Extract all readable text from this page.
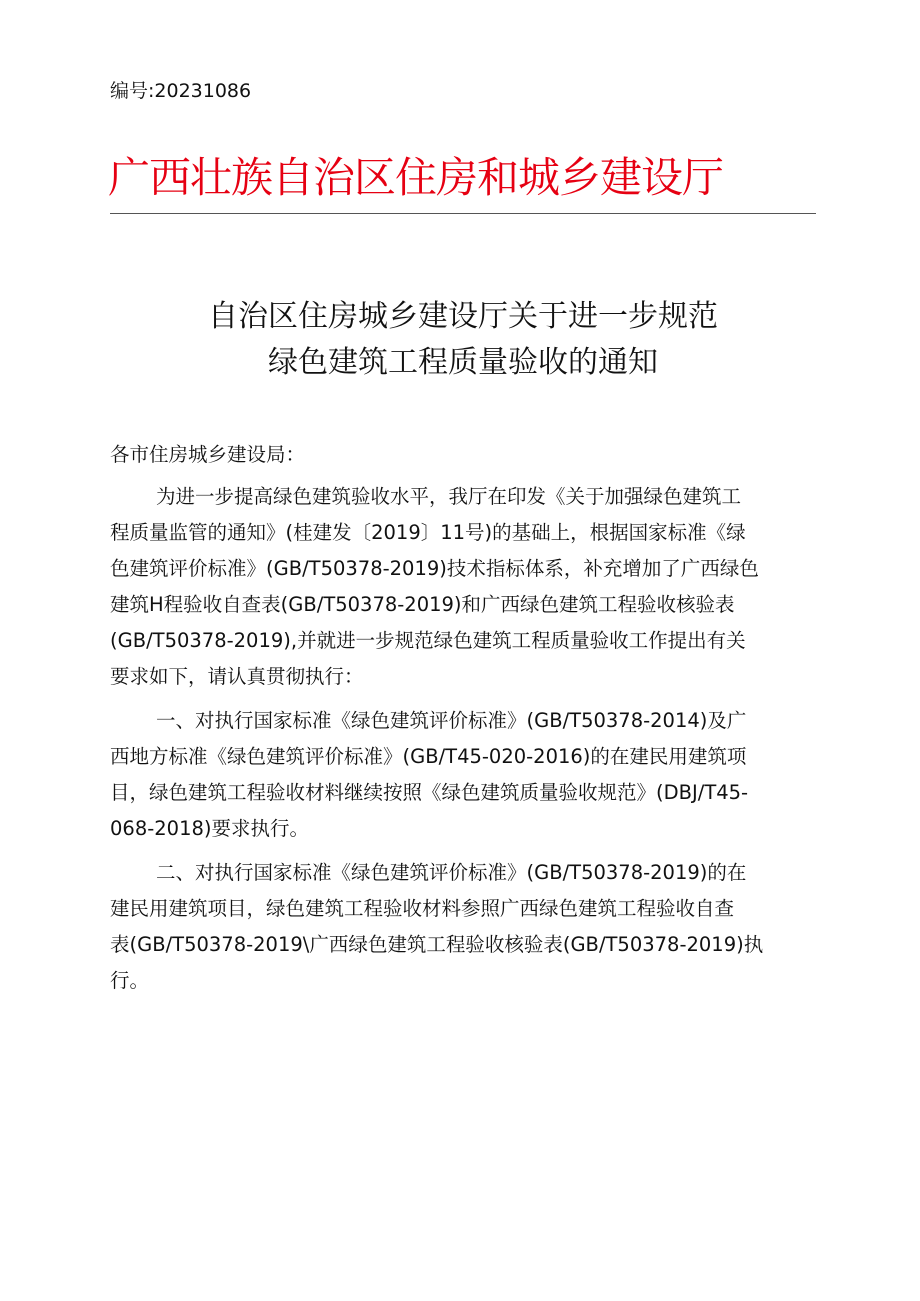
编号:20231086
广西壮族自治区住房和城乡建设厅
自治区住房城乡建设厅关于进一步规范
绿色建筑工程质量验收的通知

各市住房城乡建设局：

为进一步提高绿色建筑验收水平，我厅在印发《关于加强绿色建筑工
程质量监管的通知》(桂建发〔2019〕11号)的基础上，根据国家标准《绿
色建筑评价标准》(GB/T50378-2019)技术指标体系，补充增加了广西绿色
建筑H程验收自查表(GB/T50378-2019)和广西绿色建筑工程验收核验表
(GB/T50378-2019),并就进一步规范绿色建筑工程质量验收工作提出有关
要求如下，请认真贯彻执行：

一、对执行国家标准《绿色建筑评价标准》(GB/T50378-2014)及广
西地方标准《绿色建筑评价标准》(GB/T45-020-2016)的在建民用建筑项
目，绿色建筑工程验收材料继续按照《绿色建筑质量验收规范》(DBJ/T45-
068-2018)要求执行。

二、对执行国家标准《绿色建筑评价标准》(GB/T50378-2019)的在
建民用建筑项目，绿色建筑工程验收材料参照广西绿色建筑工程验收自查
表(GB/T50378-2019\广西绿色建筑工程验收核验表(GB/T50378-2019)执
行。
